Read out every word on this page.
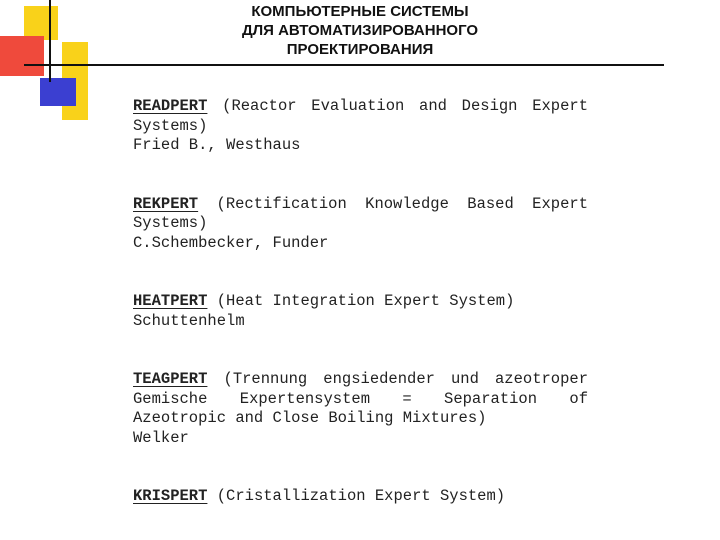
КОМПЬЮТЕРНЫЕ СИСТЕМЫ
ДЛЯ АВТОМАТИЗИРОВАННОГО
ПРОЕКТИРОВАНИЯ
READPERT (Reactor Evaluation and Design Expert Systems)
Fried B., Westhaus
REKPERT (Rectification Knowledge Based Expert Systems)
C.Schembecker, Funder
HEATPERT (Heat Integration Expert System)
Schuttenhelm
TEAGPERT (Trennung engsiedender und azeotroper Gemische Expertensystem = Separation of Azeotropic and Close Boiling Mixtures)
Welker
KRISPERT (Cristallization Expert System)
